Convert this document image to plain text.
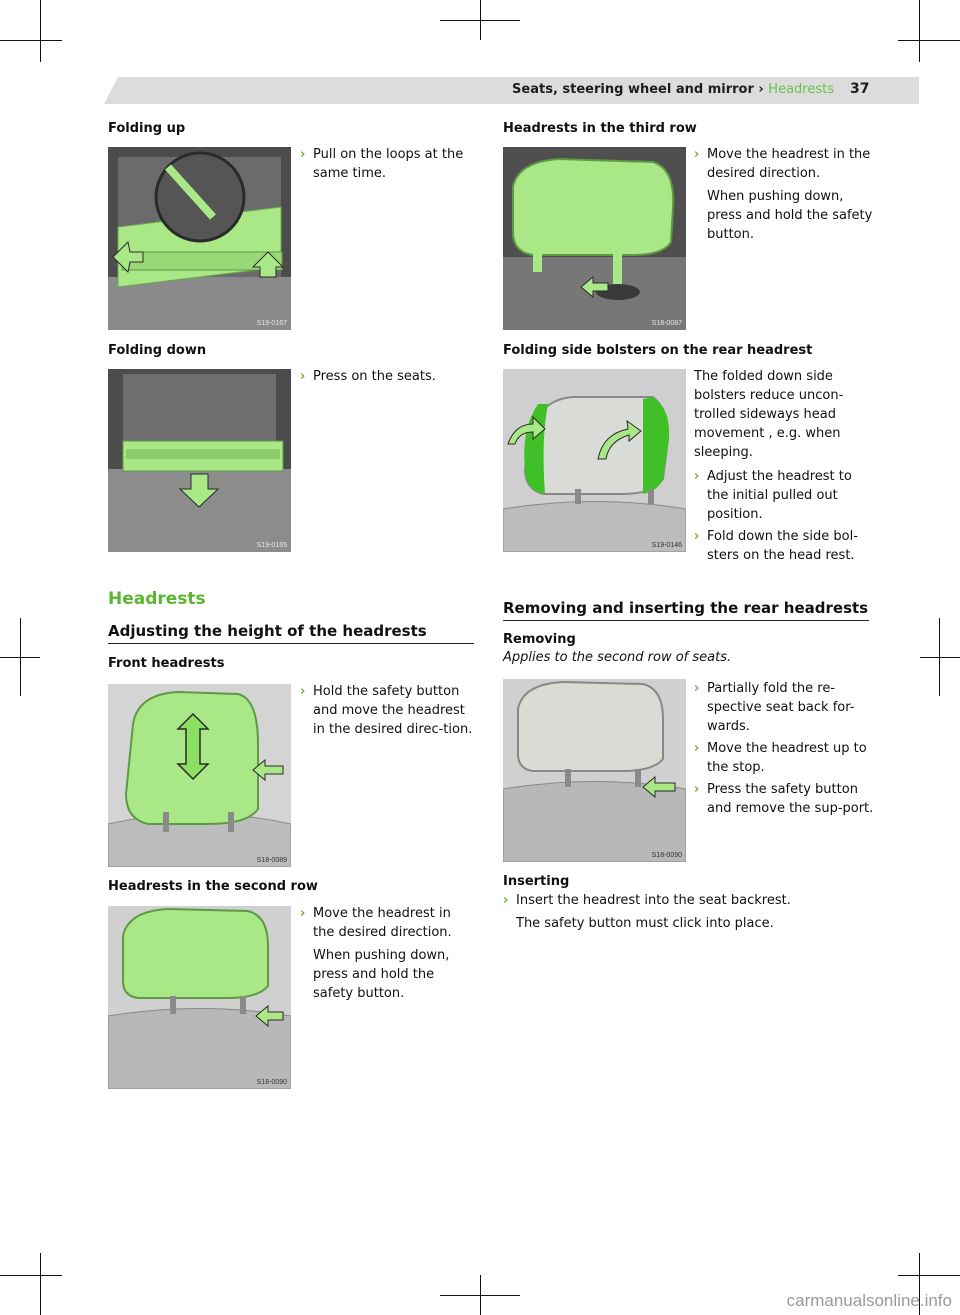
Seats, steering wheel and mirror › Headrests 37
Folding up
S19-0167
› Pull on the loops at the same time.
Folding down
S19-0165
› Press on the seats.
Headrests
Adjusting the height of the headrests
Front headrests
S18-0089
› Hold the safety button and move the headrest in the desired direc-tion.
Headrests in the second row
S18-0090
› Move the headrest in the desired direction.
When pushing down, press and hold the safety button.
Headrests in the third row
S18-0087
› Move the headrest in the desired direction.
When pushing down, press and hold the safety button.
Folding side bolsters on the rear headrest
S19-0146
The folded down side bolsters reduce uncon-trolled sideways head movement , e.g. when sleeping.
› Adjust the headrest to the initial pulled out position.
› Fold down the side bol-sters on the head rest.
Removing and inserting the rear headrests
Removing
Applies to the second row of seats.
S18-0090
› Partially fold the re-spective seat back for-wards.
› Move the headrest up to the stop.
› Press the safety button and remove the sup-port.
Inserting
› Insert the headrest into the seat backrest.
The safety button must click into place.
carmanualsonline.info
